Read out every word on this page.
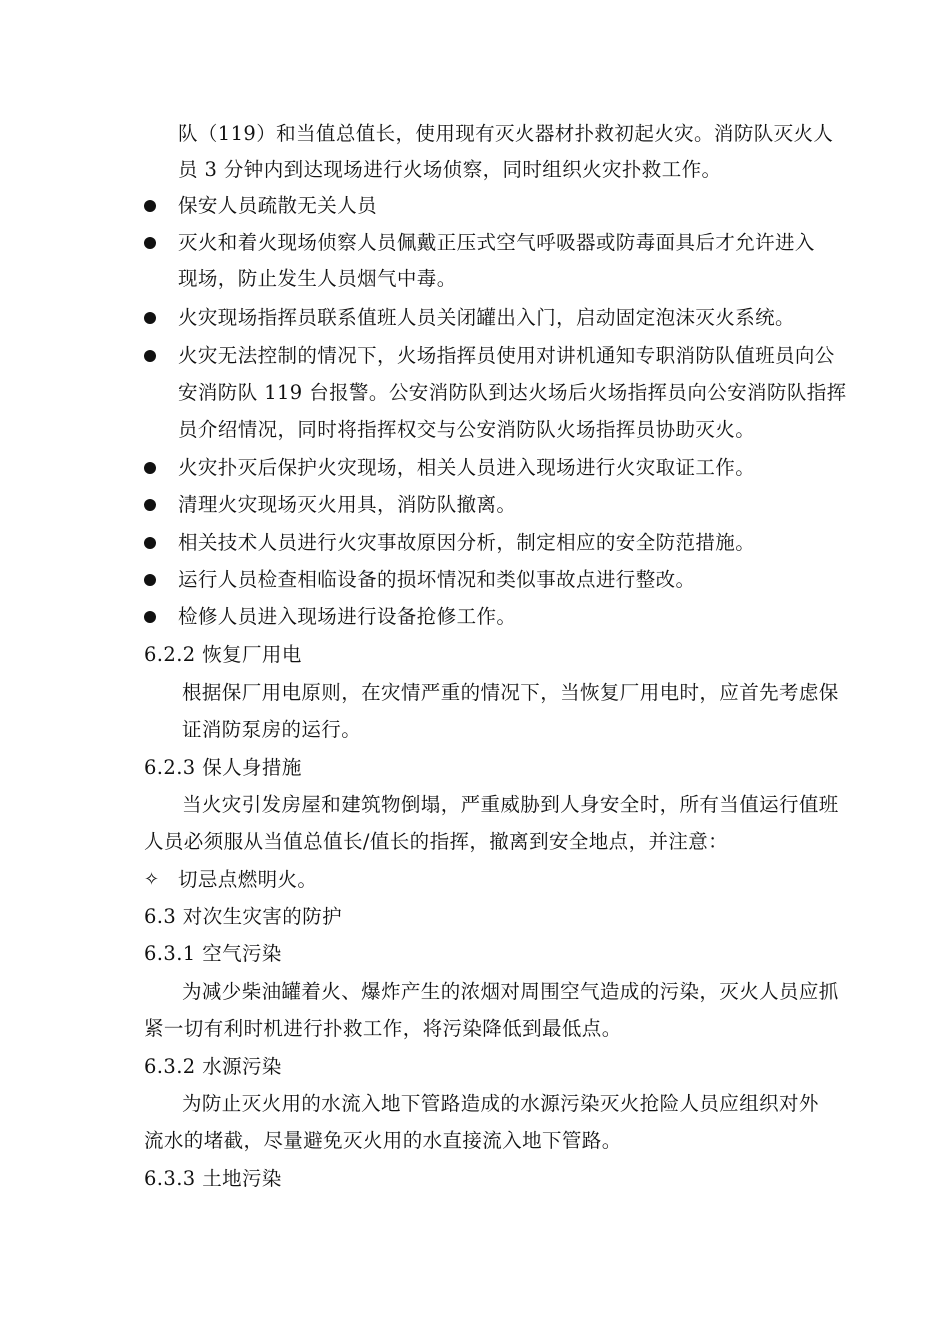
队（119）和当值总值长，使用现有灭火器材扑救初起火灾。消防队灭火人
员 3 分钟内到达现场进行火场侦察，同时组织火灾扑救工作。
保安人员疏散无关人员
灭火和着火现场侦察人员佩戴正压式空气呼吸器或防毒面具后才允许进入
现场，防止发生人员烟气中毒。
火灾现场指挥员联系值班人员关闭罐出入门，启动固定泡沫灭火系统。
火灾无法控制的情况下，火场指挥员使用对讲机通知专职消防队值班员向公
安消防队 119 台报警。公安消防队到达火场后火场指挥员向公安消防队指挥
员介绍情况，同时将指挥权交与公安消防队火场指挥员协助灭火。
火灾扑灭后保护火灾现场，相关人员进入现场进行火灾取证工作。
清理火灾现场灭火用具，消防队撤离。
相关技术人员进行火灾事故原因分析，制定相应的安全防范措施。
运行人员检查相临设备的损坏情况和类似事故点进行整改。
检修人员进入现场进行设备抢修工作。
6.2.2 恢复厂用电
根据保厂用电原则，在灾情严重的情况下，当恢复厂用电时，应首先考虑保
证消防泵房的运行。
6.2.3 保人身措施
当火灾引发房屋和建筑物倒塌，严重威胁到人身安全时，所有当值运行值班
人员必须服从当值总值长/值长的指挥，撤离到安全地点，并注意：
✧ 切忌点燃明火。
6.3 对次生灾害的防护
6.3.1 空气污染
为减少柴油罐着火、爆炸产生的浓烟对周围空气造成的污染，灭火人员应抓
紧一切有利时机进行扑救工作，将污染降低到最低点。
6.3.2 水源污染
为防止灭火用的水流入地下管路造成的水源污染灭火抢险人员应组织对外
流水的堵截，尽量避免灭火用的水直接流入地下管路。
6.3.3 土地污染
